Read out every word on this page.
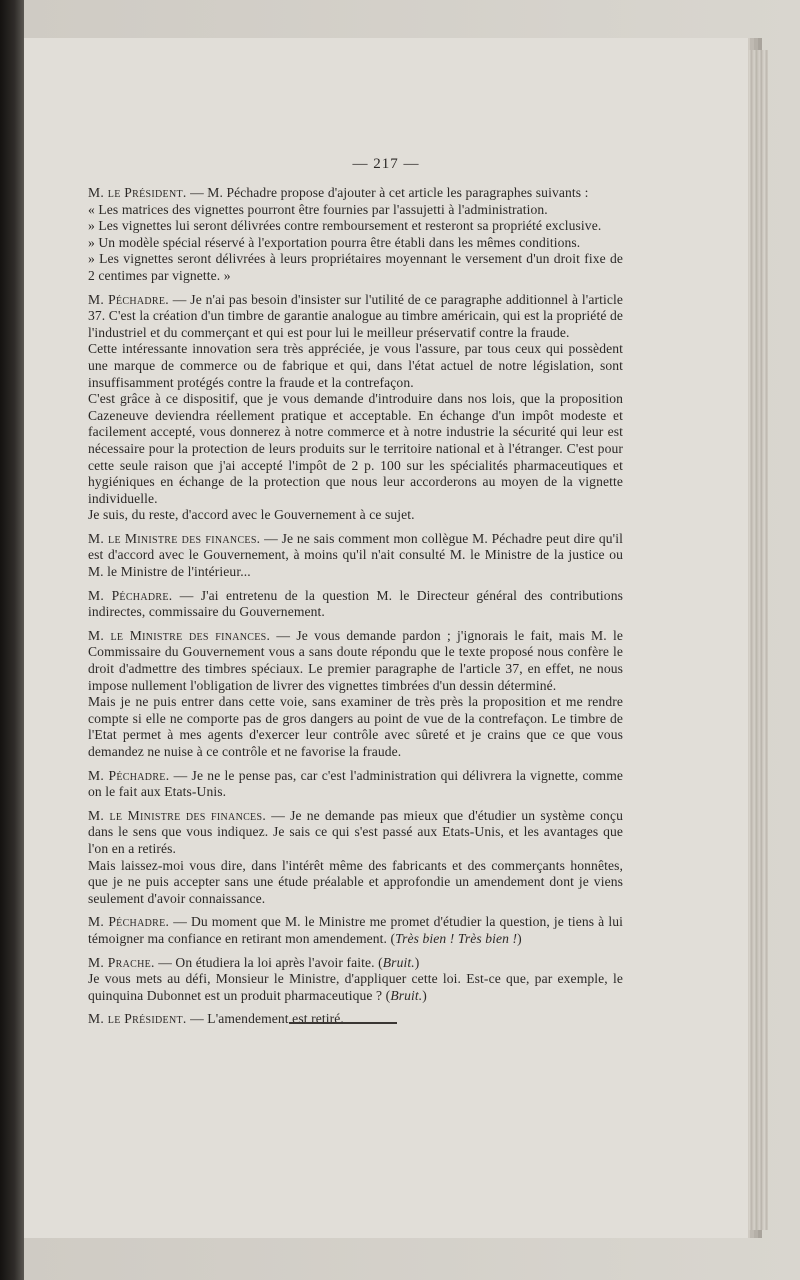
— 217 —

M. le Président. — M. Péchadre propose d'ajouter à cet article les paragraphes suivants :

« Les matrices des vignettes pourront être fournies par l'assujetti à l'administration.

» Les vignettes lui seront délivrées contre remboursement et resteront sa propriété exclusive.

» Un modèle spécial réservé à l'exportation pourra être établi dans les mêmes conditions.

» Les vignettes seront délivrées à leurs propriétaires moyennant le versement d'un droit fixe de 2 centimes par vignette. »

M. Péchadre. — Je n'ai pas besoin d'insister sur l'utilité de ce paragraphe additionnel à l'article 37. C'est la création d'un timbre de garantie analogue au timbre américain, qui est la propriété de l'industriel et du commerçant et qui est pour lui le meilleur préservatif contre la fraude.

Cette intéressante innovation sera très appréciée, je vous l'assure, par tous ceux qui possèdent une marque de commerce ou de fabrique et qui, dans l'état actuel de notre législation, sont insuffisamment protégés contre la fraude et la contrefaçon.

C'est grâce à ce dispositif, que je vous demande d'introduire dans nos lois, que la proposition Cazeneuve deviendra réellement pratique et acceptable. En échange d'un impôt modeste et facilement accepté, vous donnerez à notre commerce et à notre industrie la sécurité qui leur est nécessaire pour la protection de leurs produits sur le territoire national et à l'étranger. C'est pour cette seule raison que j'ai accepté l'impôt de 2 p. 100 sur les spécialités pharmaceutiques et hygiéniques en échange de la protection que nous leur accorderons au moyen de la vignette individuelle.

Je suis, du reste, d'accord avec le Gouvernement à ce sujet.

M. le Ministre des finances. — Je ne sais comment mon collègue M. Péchadre peut dire qu'il est d'accord avec le Gouvernement, à moins qu'il n'ait consulté M. le Ministre de la justice ou M. le Ministre de l'intérieur...

M. Péchadre. — J'ai entretenu de la question M. le Directeur général des contributions indirectes, commissaire du Gouvernement.

M. le Ministre des finances. — Je vous demande pardon ; j'ignorais le fait, mais M. le Commissaire du Gouvernement vous a sans doute répondu que le texte proposé nous confère le droit d'admettre des timbres spéciaux. Le premier paragraphe de l'article 37, en effet, ne nous impose nullement l'obligation de livrer des vignettes timbrées d'un dessin déterminé.

Mais je ne puis entrer dans cette voie, sans examiner de très près la proposition et me rendre compte si elle ne comporte pas de gros dangers au point de vue de la contrefaçon. Le timbre de l'Etat permet à mes agents d'exercer leur contrôle avec sûreté et je crains que ce que vous demandez ne nuise à ce contrôle et ne favorise la fraude.

M. Péchadre. — Je ne le pense pas, car c'est l'administration qui délivrera la vignette, comme on le fait aux Etats-Unis.

M. le Ministre des finances. — Je ne demande pas mieux que d'étudier un système conçu dans le sens que vous indiquez. Je sais ce qui s'est passé aux Etats-Unis, et les avantages que l'on en a retirés.

Mais laissez-moi vous dire, dans l'intérêt même des fabricants et des commerçants honnêtes, que je ne puis accepter sans une étude préalable et approfondie un amendement dont je viens seulement d'avoir connaissance.

M. Péchadre. — Du moment que M. le Ministre me promet d'étudier la question, je tiens à lui témoigner ma confiance en retirant mon amendement. (Très bien ! Très bien !)

M. Prache. — On étudiera la loi après l'avoir faite. (Bruit.)

Je vous mets au défi, Monsieur le Ministre, d'appliquer cette loi. Est-ce que, par exemple, le quinquina Dubonnet est un produit pharmaceutique ? (Bruit.)

M. le Président. — L'amendement est retiré.
